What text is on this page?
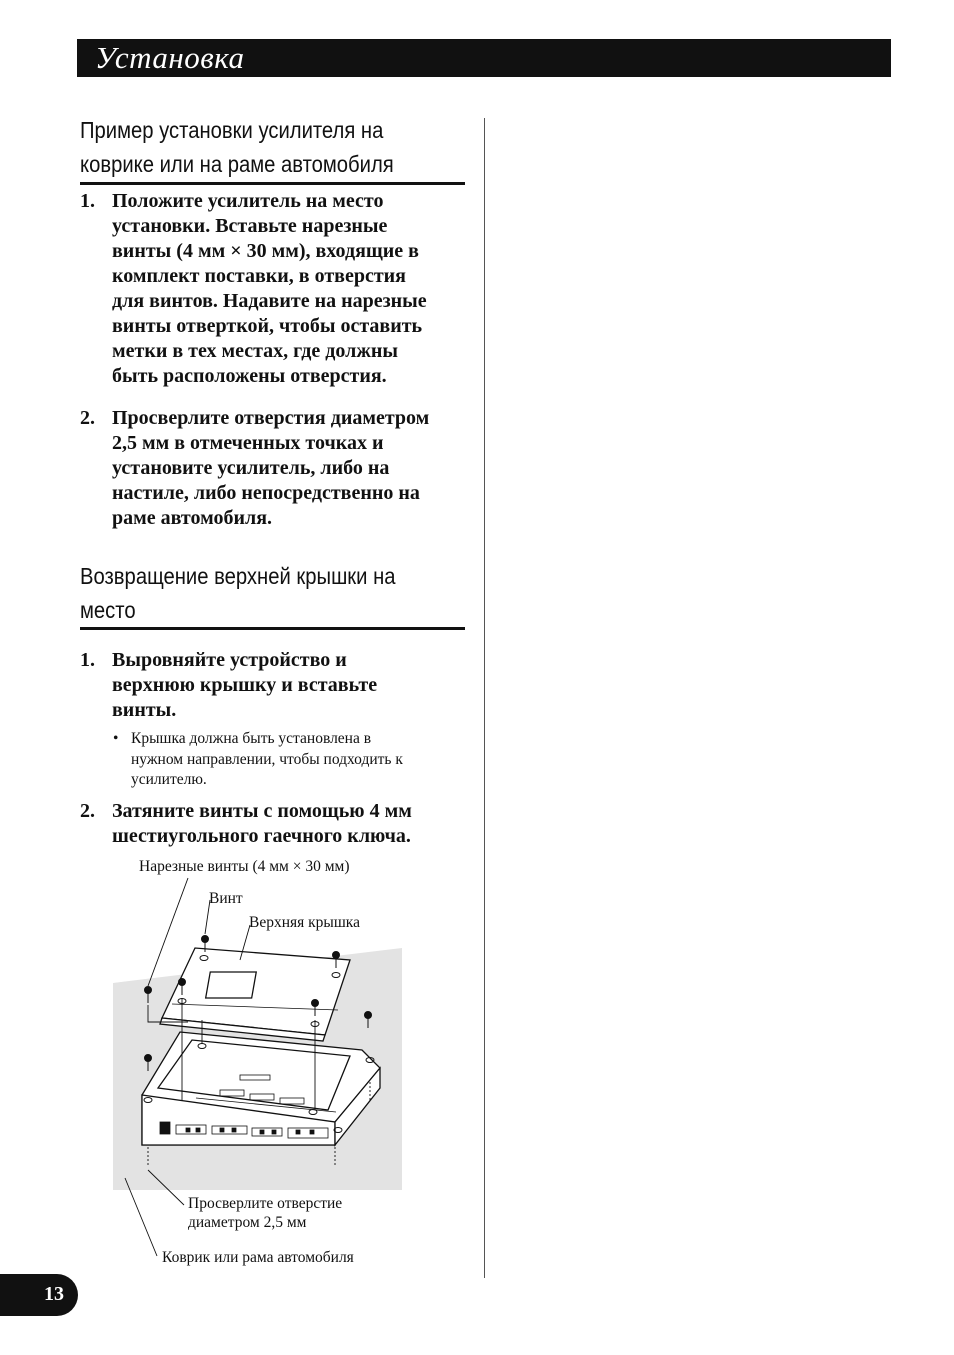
Установка
Пример установки усилителя на
коврике или на раме автомобиля
1. Положите усилитель на место
установки. Вставьте нарезные
винты (4 мм × 30 мм), входящие в
комплект поставки, в отверстия
для винтов. Надавите на нарезные
винты отверткой, чтобы оставить
метки в тех местах, где должны
быть расположены отверстия.
2. Просверлите отверстия диаметром
2,5 мм в отмеченных точках и
установите усилитель, либо на
настиле, либо непосредственно на
раме автомобиля.
Возвращение верхней крышки на
место
1. Выровняйте устройство и
верхнюю крышку и вставьте
винты.
• Крышка должна быть установлена в
нужном направлении, чтобы подходить к
усилителю.
2. Затяните винты с помощью 4 мм
шестиугольного гаечного ключа.
Нарезные винты (4 мм × 30 мм)
Винт
Верхняя крышка
Просверлите отверстие
диаметром 2,5 мм
Коврик или рама автомобиля
13
